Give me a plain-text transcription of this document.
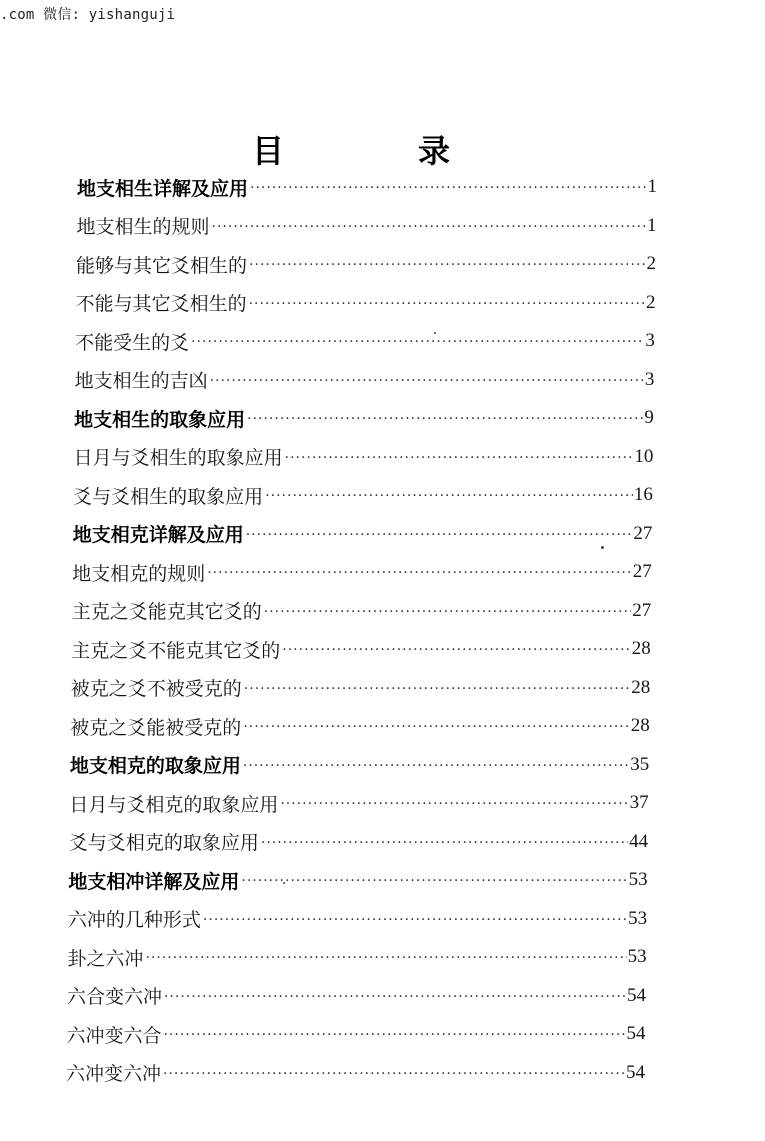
.com 微信: yishanguji
目	录
地支相生详解及应用 ·····	1
地支相生的规则 ·····	1
能够与其它爻相生的 ·····	2
不能与其它爻相生的 ·····	2
不能受生的爻 ·····	3
地支相生的吉凶 ·····	3
地支相生的取象应用 ·····	9
日月与爻相生的取象应用 ·····	10
爻与爻相生的取象应用 ·····	16
地支相克详解及应用 ·····	27
地支相克的规则 ·····	27
主克之爻能克其它爻的 ·····	27
主克之爻不能克其它爻的 ·····	28
被克之爻不被受克的 ·····	28
被克之爻能被受克的 ·····	28
地支相克的取象应用 ·····	35
日月与爻相克的取象应用 ·····	37
爻与爻相克的取象应用 ·····	44
地支相冲详解及应用 ·····	53
六冲的几种形式 ·····	53
卦之六冲 ·····	53
六合变六冲 ·····	54
六冲变六合 ·····	54
六冲变六冲 ·····	54
